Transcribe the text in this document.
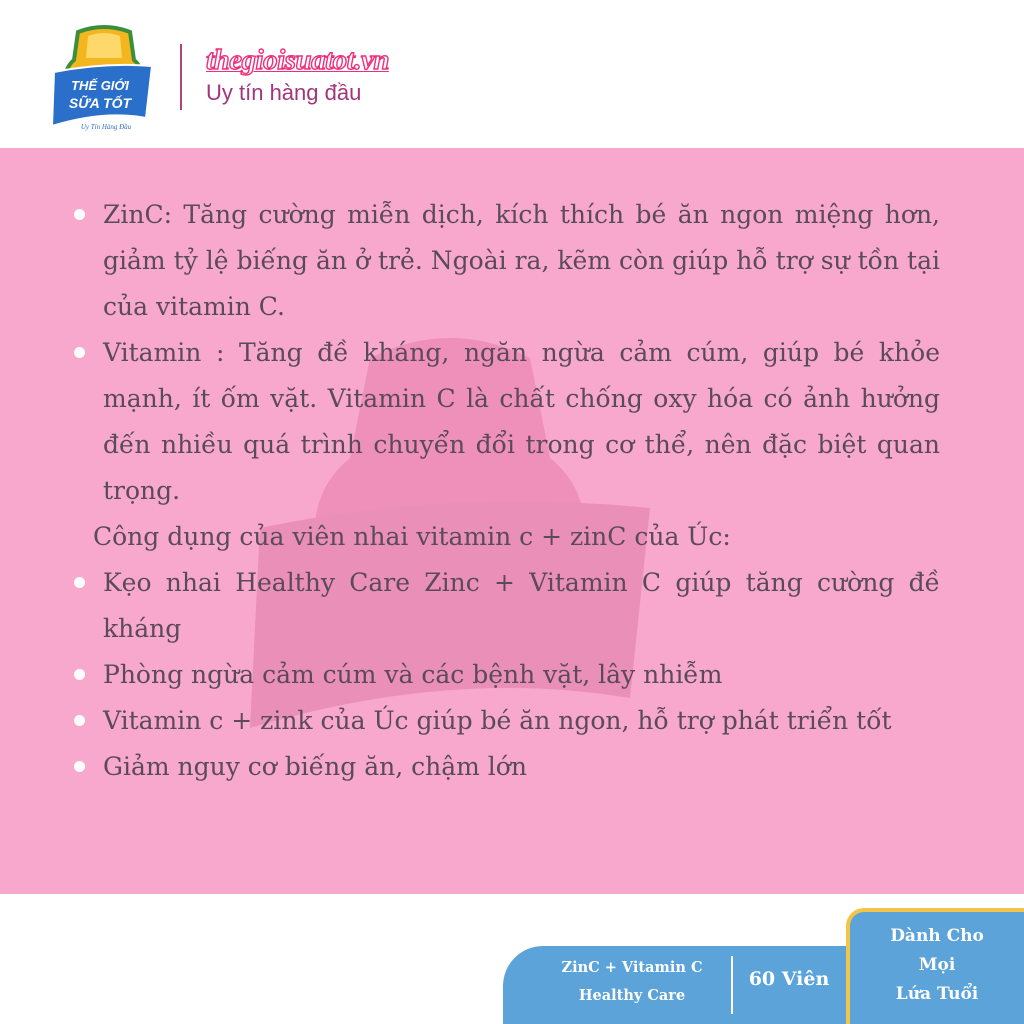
THẾ GIỚI
SỮA TỐT
Uy Tín Hàng Đầu
thegioisuatot.vn
Uy tín hàng đầu
ZinC: Tăng cường miễn dịch, kích thích bé ăn ngon miệng hơn, giảm tỷ lệ biếng ăn ở trẻ. Ngoài ra, kẽm còn giúp hỗ trợ sự tồn tại của vitamin C.
Vitamin : Tăng đề kháng, ngăn ngừa cảm cúm, giúp bé khỏe mạnh, ít ốm vặt. Vitamin C là chất chống oxy hóa có ảnh hưởng đến nhiều quá trình chuyển đổi trong cơ thể, nên đặc biệt quan trọng.
Công dụng của viên nhai vitamin c + zinC của Úc:
Kẹo nhai Healthy Care Zinc + Vitamin C giúp tăng cường đề kháng
Phòng ngừa cảm cúm và các bệnh vặt, lây nhiễm
Vitamin c + zink của Úc giúp bé ăn ngon, hỗ trợ phát triển tốt
Giảm nguy cơ biếng ăn, chậm lớn
ZinC + Vitamin C
Healthy Care
60 Viên
Dành Cho
Mọi
Lứa Tuổi
